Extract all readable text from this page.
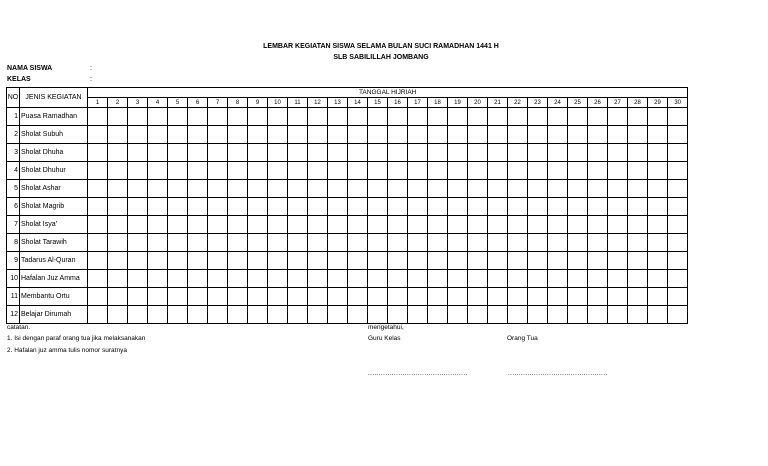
LEMBAR KEGIATAN SISWA SELAMA BULAN SUCI RAMADHAN 1441 H
SLB SABILILLAH JOMBANG
NAMA SISWA	:
KELAS	:
NO	JENIS KEGIATAN	TANGGAL HIJRIAH																													
		1	2	3	4	5	6	7	8	9	10	11	12	13	14	15	16	17	18	19	20	21	22	23	24	25	26	27	28	29	30
1	Puasa Ramadhan																														
2	Sholat Subuh																														
3	Sholat Dhuha																														
4	Sholat Dhuhur																														
5	Sholat Ashar																														
6	Sholat Magrib																														
7	Sholat Isya'																														
8	Sholat Tarawih																														
9	Tadarus Al-Quran																														
10	Hafalan Juz Amma																														
11	Membantu Ortu																														
12	Belajar Dirumah																														
catatan.
1. Isi dengan paraf orang tua jika melaksanakan
2. Hafalan juz amma tulis nomor suratnya
mengetahui,
Guru Kelas	Orang Tua
..............................................	..............................................
